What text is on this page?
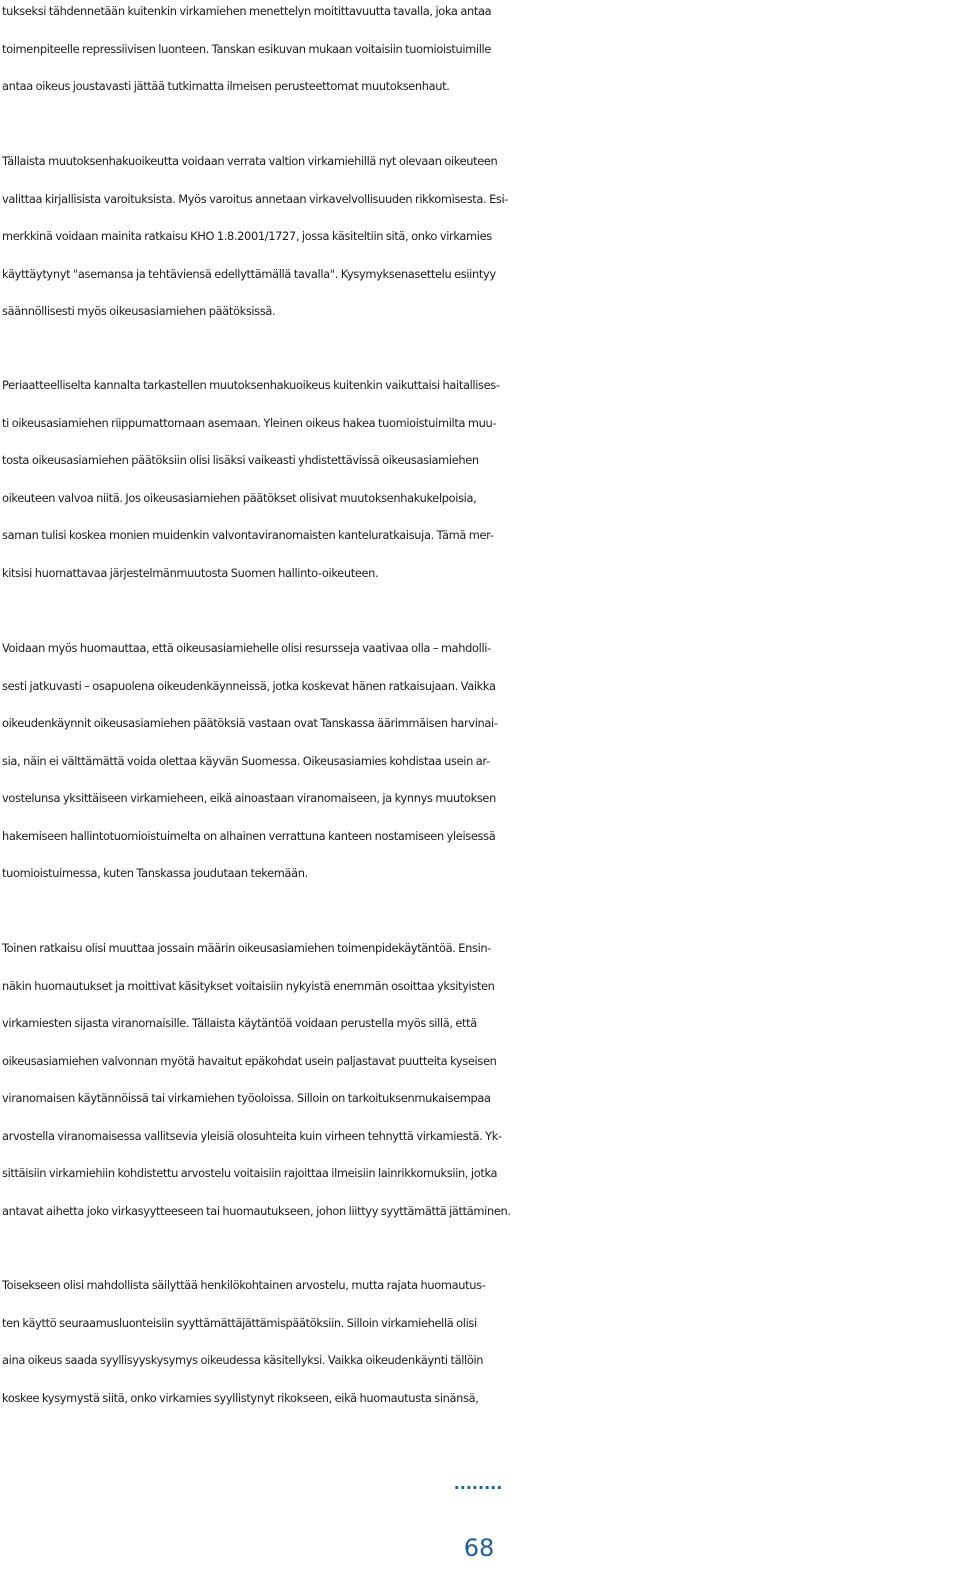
tukseksi tähdennetään kuitenkin virkamiehen menettelyn moitittavuutta tavalla, joka antaa
toimenpiteelle repressiivisen luonteen. Tanskan esikuvan mukaan voitaisiin tuomioistuimille
antaa oikeus joustavasti jättää tutkimatta ilmeisen perusteettomat muutoksenhaut.
Tällaista muutoksenhakuoikeutta voidaan verrata valtion virkamiehillä nyt olevaan oikeuteen
valittaa kirjallisista varoituksista. Myös varoitus annetaan virkavelvollisuuden rikkomisesta. Esi-
merkkinä voidaan mainita ratkaisu KHO 1.8.2001/1727, jossa käsiteltiin sitä, onko virkamies
käyttäytynyt "asemansa ja tehtäviensä edellyttämällä tavalla". Kysymyksenasettelu esiintyy
säännöllisesti myös oikeusasiamiehen päätöksissä.
Periaatteelliselta kannalta tarkastellen muutoksenhakuoikeus kuitenkin vaikuttaisi haitallises-
ti oikeusasiamiehen riippumattomaan asemaan. Yleinen oikeus hakea tuomioistuimilta muu-
tosta oikeusasiamiehen päätöksiin olisi lisäksi vaikeasti yhdistettävissä oikeusasiamiehen
oikeuteen valvoa niitä. Jos oikeusasiamiehen päätökset olisivat muutoksenhakukelpoisia,
saman tulisi koskea monien muidenkin valvontaviranomaisten kanteluratkaisuja. Tämä mer-
kitsisi huomattavaa järjestelmänmuutosta Suomen hallinto-oikeuteen.
Voidaan myös huomauttaa, että oikeusasiamiehelle olisi resursseja vaativaa olla – mahdolli-
sesti jatkuvasti – osapuolena oikeudenkäynneissä, jotka koskevat hänen ratkaisujaan. Vaikka
oikeudenkäynnit oikeusasiamiehen päätöksiä vastaan ovat Tanskassa äärimmäisen harvinai-
sia, näin ei välttämättä voida olettaa käyvän Suomessa. Oikeusasiamies kohdistaa usein ar-
vostelunsa yksittäiseen virkamieheen, eikä ainoastaan viranomaiseen, ja kynnys muutoksen
hakemiseen hallintotuomioistuimelta on alhainen verrattuna kanteen nostamiseen yleisessä
tuomioistuimessa, kuten Tanskassa joudutaan tekemään.
Toinen ratkaisu olisi muuttaa jossain määrin oikeusasiamiehen toimenpidekäytäntöä. Ensin-
näkin huomautukset ja moittivat käsitykset voitaisiin nykyistä enemmän osoittaa yksityisten
virkamiesten sijasta viranomaisille. Tällaista käytäntöä voidaan perustella myös sillä, että
oikeusasiamiehen valvonnan myötä havaitut epäkohdat usein paljastavat puutteita kyseisen
viranomaisen käytännöissä tai virkamiehen työoloissa. Silloin on tarkoituksenmukaisempaa
arvostella viranomaisessa vallitsevia yleisiä olosuhteita kuin virheen tehnyttä virkamiestä. Yk-
sittäisiin virkamiehiin kohdistettu arvostelu voitaisiin rajoittaa ilmeisiin lainrikkomuksiin, jotka
antavat aihetta joko virkasyytteeseen tai huomautukseen, johon liittyy syyttämättä jättäminen.
Toisekseen olisi mahdollista säilyttää henkilökohtainen arvostelu, mutta rajata huomautus-
ten käyttö seuraamusluonteisiin syyttämättäjättämispäätöksiin. Silloin virkamiehellä olisi
aina oikeus saada syyllisyyskysymys oikeudessa käsitellyksi. Vaikka oikeudenkäynti tällöin
koskee kysymystä siitä, onko virkamies syyllistynyt rikokseen, eikä huomautusta sinänsä,
........
68
